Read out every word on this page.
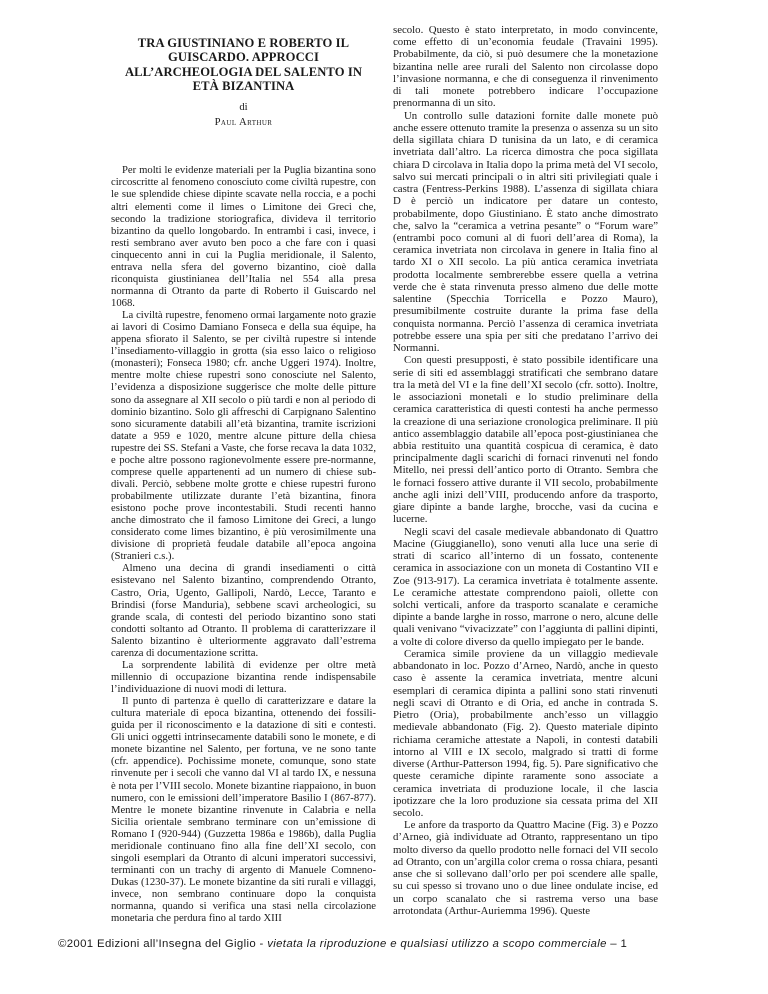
TRA GIUSTINIANO E ROBERTO IL GUISCARDO. APPROCCI ALL’ARCHEOLOGIA DEL SALENTO IN ETÀ BIZANTINA
di
Paul Arthur

Per molti le evidenze materiali per la Puglia bizantina sono circoscritte al fenomeno conosciuto come civiltà rupestre, con le sue splendide chiese dipinte scavate nella roccia, e a pochi altri elementi come il limes o Limitone dei Greci che, secondo la tradizione storiografica, divideva il territorio bizantino da quello longobardo. In entrambi i casi, invece, i resti sembrano aver avuto ben poco a che fare con i quasi cinquecento anni in cui la Puglia meridionale, il Salento, entrava nella sfera del governo bizantino, cioè dalla riconquista giustinianea dell’Italia nel 554 alla presa normanna di Otranto da parte di Roberto il Guiscardo nel 1068.

La civiltà rupestre, fenomeno ormai largamente noto grazie ai lavori di Cosimo Damiano Fonseca e della sua équipe, ha appena sfiorato il Salento, se per civiltà rupestre si intende l’insediamento-villaggio in grotta (sia esso laico o religioso (monasteri); Fonseca 1980; cfr. anche Uggeri 1974). Inoltre, mentre molte chiese rupestri sono conosciute nel Salento, l’evidenza a disposizione suggerisce che molte delle pitture sono da assegnare al XII secolo o più tardi e non al periodo di dominio bizantino. Solo gli affreschi di Carpignano Salentino sono sicuramente databili all’età bizantina, tramite iscrizioni datate a 959 e 1020, mentre alcune pitture della chiesa rupestre dei SS. Stefani a Vaste, che forse recava la data 1032, e poche altre possono ragionevolmente essere pre-normanne, comprese quelle appartenenti ad un numero di chiese sub-divali. Perciò, sebbene molte grotte e chiese rupestri furono probabilmente utilizzate durante l’età bizantina, finora esistono poche prove incontestabili. Studi recenti hanno anche dimostrato che il famoso Limitone dei Greci, a lungo considerato come limes bizantino, è più verosimilmente una divisione di proprietà feudale databile all’epoca angoina (Stranieri c.s.).

Almeno una decina di grandi insediamenti o città esistevano nel Salento bizantino, comprendendo Otranto, Castro, Oria, Ugento, Gallipoli, Nardò, Lecce, Taranto e Brindisi (forse Manduria), sebbene scavi archeologici, su grande scala, di contesti del periodo bizantino sono stati condotti soltanto ad Otranto. Il problema di caratterizzare il Salento bizantino è ulteriormente aggravato dall’estrema carenza di documentazione scritta.

La sorprendente labilità di evidenze per oltre metà millennio di occupazione bizantina rende indispensabile l’individuazione di nuovi modi di lettura.

Il punto di partenza è quello di caratterizzare e datare la cultura materiale di epoca bizantina, ottenendo dei fossili-guida per il riconoscimento e la datazione di siti e contesti. Gli unici oggetti intrinsecamente databili sono le monete, e di monete bizantine nel Salento, per fortuna, ve ne sono tante (cfr. appendice). Pochissime monete, comunque, sono state rinvenute per i secoli che vanno dal VI al tardo IX, e nessuna è nota per l’VIII secolo. Monete bizantine riappaiono, in buon numero, con le emissioni dell’imperatore Basilio I (867-877). Mentre le monete bizantine rinvenute in Calabria e nella Sicilia orientale sembrano terminare con un’emissione di Romano I (920-944) (Guzzetta 1986a e 1986b), dalla Puglia meridionale continuano fino alla fine dell’XI secolo, con singoli esemplari da Otranto di alcuni imperatori successivi, terminanti con un trachy di argento di Manuele Comneno-Dukas (1230-37). Le monete bizantine da siti rurali e villaggi, invece, non sembrano continuare dopo la conquista normanna, quando si verifica una stasi nella circolazione monetaria che perdura fino al tardo XIII

secolo. Questo è stato interpretato, in modo convincente, come effetto di un’economia feudale (Travaini 1995). Probabilmente, da ciò, si può desumere che la monetazione bizantina nelle aree rurali del Salento non circolasse dopo l’invasione normanna, e che di conseguenza il rinvenimento di tali monete potrebbero indicare l’occupazione prenormanna di un sito.

Un controllo sulle datazioni fornite dalle monete può anche essere ottenuto tramite la presenza o assenza su un sito della sigillata chiara D tunisina da un lato, e di ceramica invetriata dall’altro. La ricerca dimostra che poca sigillata chiara D circolava in Italia dopo la prima metà del VI secolo, salvo sui mercati principali o in altri siti privilegiati quale i castra (Fentress-Perkins 1988). L’assenza di sigillata chiara D è perciò un indicatore per datare un contesto, probabilmente, dopo Giustiniano. È stato anche dimostrato che, salvo la “ceramica a vetrina pesante” o “Forum ware” (entrambi poco comuni al di fuori dell’area di Roma), la ceramica invetriata non circolava in genere in Italia fino al tardo XI o XII secolo. La più antica ceramica invetriata prodotta localmente sembrerebbe essere quella a vetrina verde che è stata rinvenuta presso almeno due delle motte salentine (Specchia Torricella e Pozzo Mauro), presumibilmente costruite durante la prima fase della conquista normanna. Perciò l’assenza di ceramica invetriata potrebbe essere una spia per siti che predatano l’arrivo dei Normanni.

Con questi presupposti, è stato possibile identificare una serie di siti ed assemblaggi stratificati che sembrano datare tra la metà del VI e la fine dell’XI secolo (cfr. sotto). Inoltre, le associazioni monetali e lo studio preliminare della ceramica caratteristica di questi contesti ha anche permesso la creazione di una seriazione cronologica preliminare. Il più antico assemblaggio databile all’epoca post-giustinianea che abbia restituito una quantità cospicua di ceramica, è dato principalmente dagli scarichi di fornaci rinvenuti nel fondo Mitello, nei pressi dell’antico porto di Otranto. Sembra che le fornaci fossero attive durante il VII secolo, probabilmente anche agli inizi dell’VIII, producendo anfore da trasporto, giare dipinte a bande larghe, brocche, vasi da cucina e lucerne.

Negli scavi del casale medievale abbandonato di Quattro Macine (Giuggianello), sono venuti alla luce una serie di strati di scarico all’interno di un fossato, contenente ceramica in associazione con un moneta di Costantino VII e Zoe (913-917). La ceramica invetriata è totalmente assente. Le ceramiche attestate comprendono paioli, ollette con solchi verticali, anfore da trasporto scanalate e ceramiche dipinte a bande larghe in rosso, marrone o nero, alcune delle quali venivano “vivacizzate” con l’aggiunta di pallini dipinti, a volte di colore diverso da quello impiegato per le bande.

Ceramica simile proviene da un villaggio medievale abbandonato in loc. Pozzo d’Arneo, Nardò, anche in questo caso è assente la ceramica invetriata, mentre alcuni esemplari di ceramica dipinta a pallini sono stati rinvenuti negli scavi di Otranto e di Oria, ed anche in contrada S. Pietro (Oria), probabilmente anch’esso un villaggio medievale abbandonato (Fig. 2). Questo materiale dipinto richiama ceramiche attestate a Napoli, in contesti databili intorno al VIII e IX secolo, malgrado si tratti di forme diverse (Arthur-Patterson 1994, fig. 5). Pare significativo che queste ceramiche dipinte raramente sono associate a ceramica invetriata di produzione locale, il che lascia ipotizzare che la loro produzione sia cessata prima del XII secolo.

Le anfore da trasporto da Quattro Macine (Fig. 3) e Pozzo d’Arneo, già individuate ad Otranto, rappresentano un tipo molto diverso da quello prodotto nelle fornaci del VII secolo ad Otranto, con un’argilla color crema o rossa chiara, pesanti anse che si sollevano dall’orlo per poi scendere alle spalle, su cui spesso si trovano uno o due linee ondulate incise, ed un corpo scanalato che si rastrema verso una base arrotondata (Arthur-Auriemma 1996). Queste

©2001 Edizioni all’Insegna del Giglio - vietata la riproduzione e qualsiasi utilizzo a scopo commerciale – 1
